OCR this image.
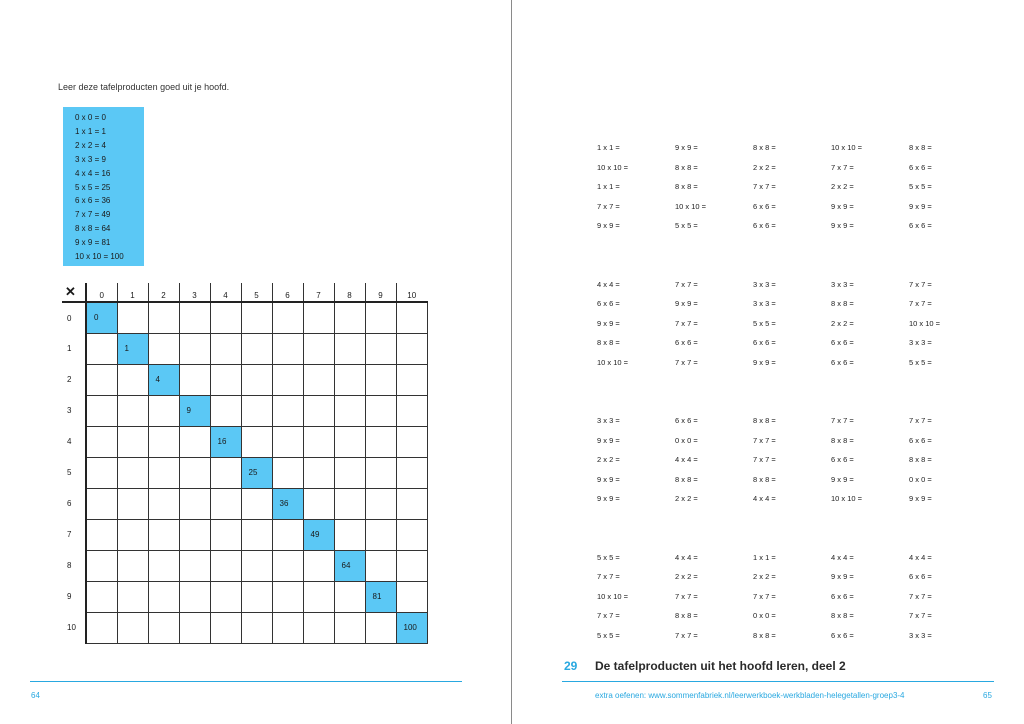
Leer deze tafelproducten goed uit je hoofd.
0 x 0 = 0
1 x 1 = 1
2 x 2 = 4
3 x 3 = 9
4 x 4 = 16
5 x 5 = 25
6 x 6 = 36
7 x 7 = 49
8 x 8 = 64
9 x 9 = 81
10 x 10 = 100
✕	0	1	2	3	4	5	6	7	8	9	10
0	0										
1		1									
2			4								
3				9							
4					16						
5						25					
6							36				
7								49			
8									64		
9										81	
10											100
64
1 x 1 =	9 x 9 =	8 x 8 =	10 x 10 =	8 x 8 =
10 x 10 =	8 x 8 =	2 x 2 =	7 x 7 =	6 x 6 =
1 x 1 =	8 x 8 =	7 x 7 =	2 x 2 =	5 x 5 =
7 x 7 =	10 x 10 =	6 x 6 =	9 x 9 =	9 x 9 =
9 x 9 =	5 x 5 =	6 x 6 =	9 x 9 =	6 x 6 =
4 x 4 =	7 x 7 =	3 x 3 =	3 x 3 =	7 x 7 =
6 x 6 =	9 x 9 =	3 x 3 =	8 x 8 =	7 x 7 =
9 x 9 =	7 x 7 =	5 x 5 =	2 x 2 =	10 x 10 =
8 x 8 =	6 x 6 =	6 x 6 =	6 x 6 =	3 x 3 =
10 x 10 =	7 x 7 =	9 x 9 =	6 x 6 =	5 x 5 =
3 x 3 =	6 x 6 =	8 x 8 =	7 x 7 =	7 x 7 =
9 x 9 =	0 x 0 =	7 x 7 =	8 x 8 =	6 x 6 =
2 x 2 =	4 x 4 =	7 x 7 =	6 x 6 =	8 x 8 =
9 x 9 =	8 x 8 =	8 x 8 =	9 x 9 =	0 x 0 =
9 x 9 =	2 x 2 =	4 x 4 =	10 x 10 =	9 x 9 =
5 x 5 =	4 x 4 =	1 x 1 =	4 x 4 =	4 x 4 =
7 x 7 =	2 x 2 =	2 x 2 =	9 x 9 =	6 x 6 =
10 x 10 =	7 x 7 =	7 x 7 =	6 x 6 =	7 x 7 =
7 x 7 =	8 x 8 =	0 x 0 =	8 x 8 =	7 x 7 =
5 x 5 =	7 x 7 =	8 x 8 =	6 x 6 =	3 x 3 =
29 De tafelproducten uit het hoofd leren, deel 2
extra oefenen: www.sommenfabriek.nl/leerwerkboek-werkbladen-helegetallen-groep3-4	65
